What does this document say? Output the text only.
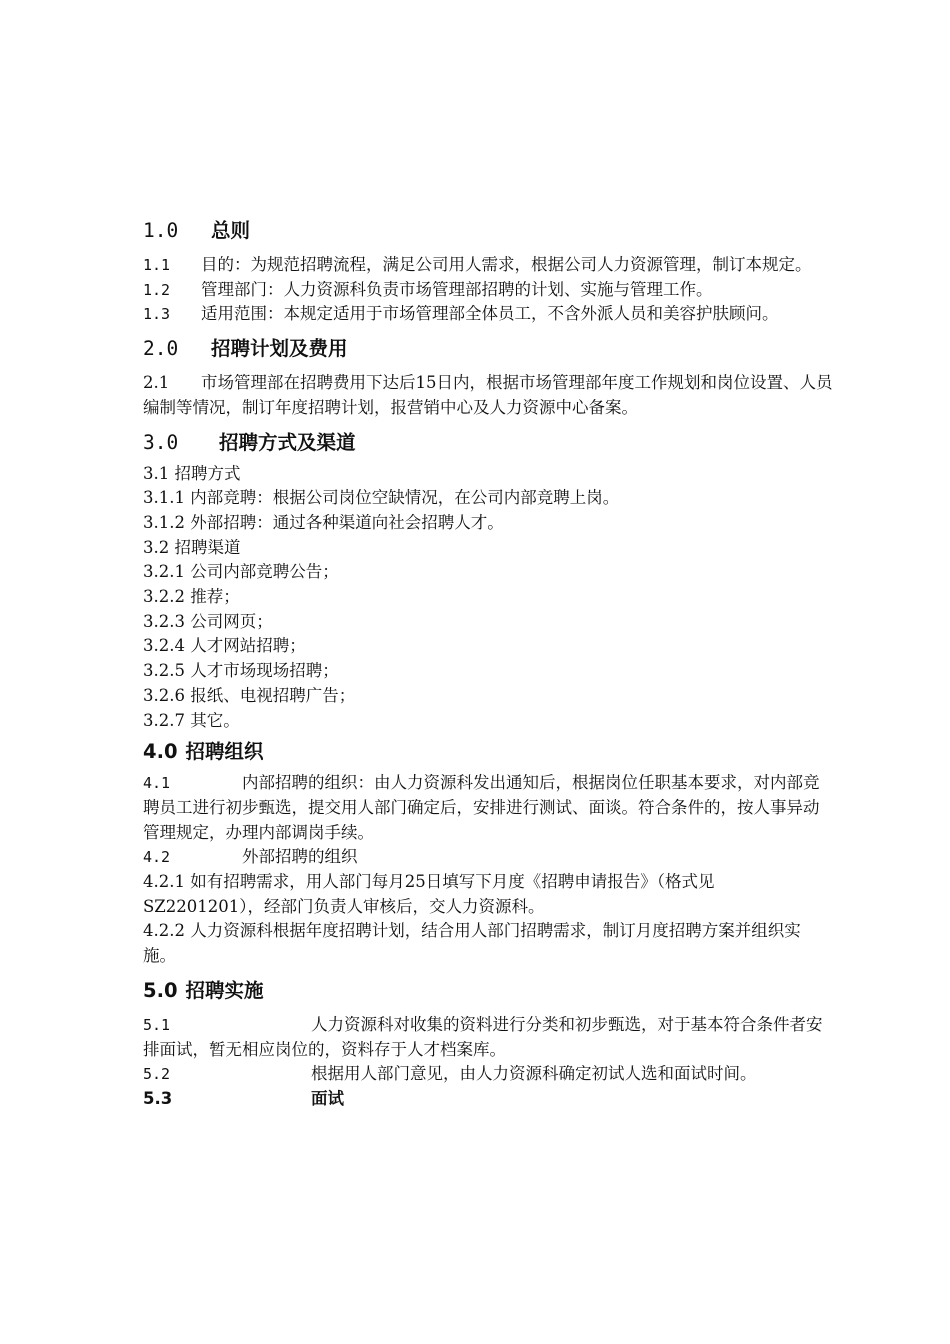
1.0 总则

1.1 目的：为规范招聘流程，满足公司用人需求，根据公司人力资源管理，制订本规定。

1.2 管理部门：人力资源科负责市场管理部招聘的计划、实施与管理工作。

1.3 适用范围：本规定适用于市场管理部全体员工，不含外派人员和美容护肤顾问。

2.0 招聘计划及费用

2.1 市场管理部在招聘费用下达后15日内，根据市场管理部年度工作规划和岗位设置、人员编制等情况，制订年度招聘计划，报营销中心及人力资源中心备案。

3.0 招聘方式及渠道

3.1 招聘方式

3.1.1 内部竞聘：根据公司岗位空缺情况，在公司内部竞聘上岗。

3.1.2 外部招聘：通过各种渠道向社会招聘人才。

3.2 招聘渠道

3.2.1 公司内部竞聘公告；

3.2.2 推荐；

3.2.3 公司网页；

3.2.4 人才网站招聘；

3.2.5 人才市场现场招聘；

3.2.6 报纸、电视招聘广告；

3.2.7 其它。

4.0 招聘组织

4.1	内部招聘的组织：由人力资源科发出通知后，根据岗位任职基本要求，对内部竞聘员工进行初步甄选，提交用人部门确定后，安排进行测试、面谈。符合条件的，按人事异动管理规定，办理内部调岗手续。

4.2	外部招聘的组织

4.2.1 如有招聘需求，用人部门每月25日填写下月度《招聘申请报告》（格式见SZ2201201），经部门负责人审核后，交人力资源科。

4.2.2 人力资源科根据年度招聘计划，结合用人部门招聘需求，制订月度招聘方案并组织实施。

5.0 招聘实施

5.1	人力资源科对收集的资料进行分类和初步甄选，对于基本符合条件者安排面试，暂无相应岗位的，资料存于人才档案库。

5.2	根据用人部门意见，由人力资源科确定初试人选和面试时间。

5.3	面试
